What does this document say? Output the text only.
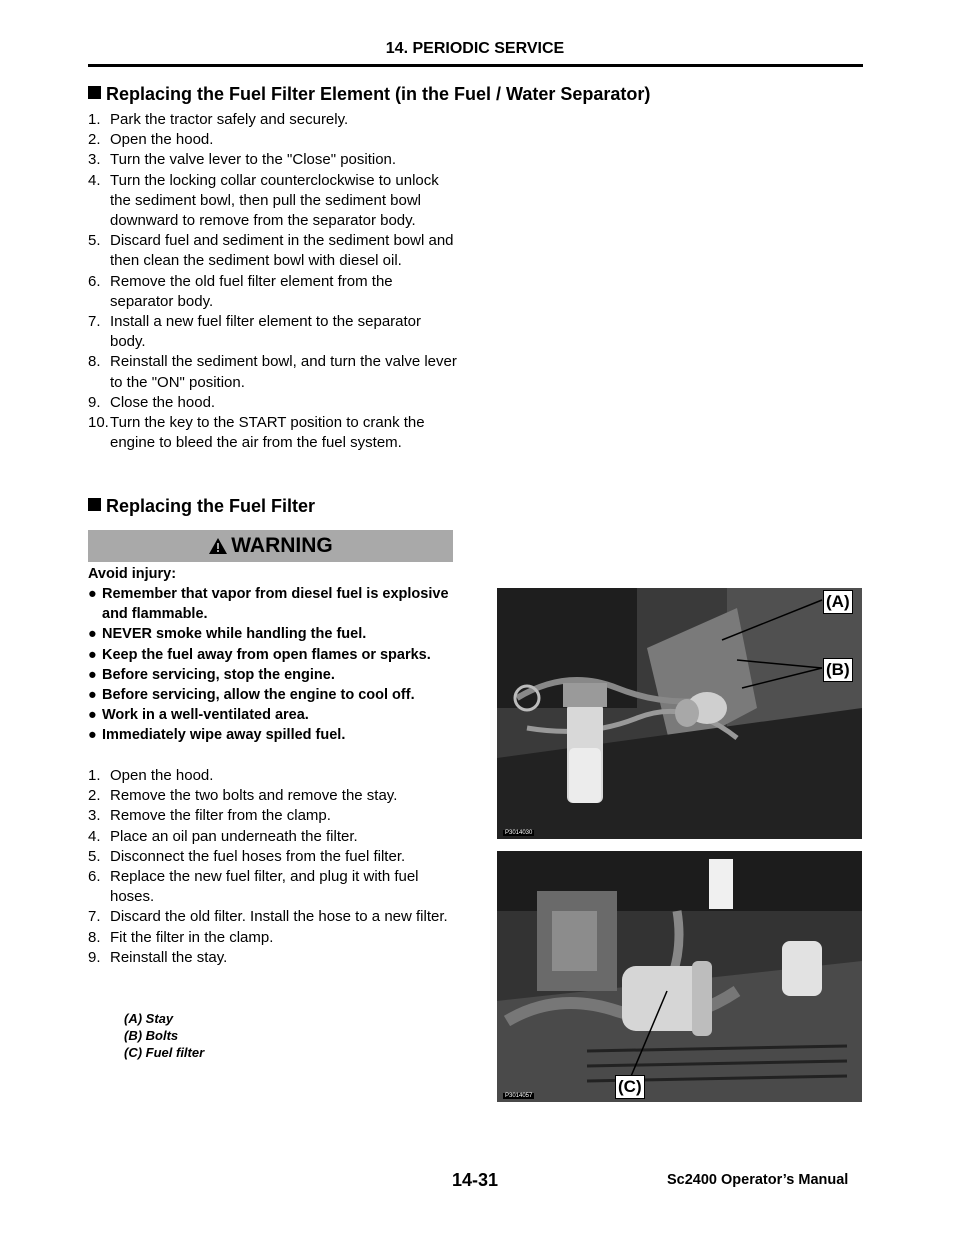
14. PERIODIC SERVICE
Replacing the Fuel Filter Element (in the Fuel / Water Separator)
1. Park the tractor safely and securely.
2. Open the hood.
3. Turn the valve lever to the "Close" position.
4. Turn the locking collar counterclockwise to unlock the sediment bowl, then pull the sediment bowl downward to remove from the separator body.
5. Discard fuel and sediment in the sediment bowl and then clean the sediment bowl with diesel oil.
6. Remove the old fuel filter element from the separator body.
7. Install a new fuel filter element to the separator body.
8. Reinstall the sediment bowl, and turn the valve lever to the "ON" position.
9. Close the hood.
10. Turn the key to the START position to crank the engine to bleed the air from the fuel system.
Replacing the Fuel Filter
WARNING
Avoid injury:
● Remember that vapor from diesel fuel is explosive and flammable.
● NEVER smoke while handling the fuel.
● Keep the fuel away from open flames or sparks.
● Before servicing, stop the engine.
● Before servicing, allow the engine to cool off.
● Work in a well-ventilated area.
● Immediately wipe away spilled fuel.
1. Open the hood.
2. Remove the two bolts and remove the stay.
3. Remove the filter from the clamp.
4. Place an oil pan underneath the filter.
5. Disconnect the fuel hoses from the fuel filter.
6. Replace the new fuel filter, and plug it with fuel hoses.
7. Discard the old filter. Install the hose to a new filter.
8. Fit the filter in the clamp.
9. Reinstall the stay.
(A) Stay
(B) Bolts
(C) Fuel filter
(A)
(B)
P3014030
(C)
P3014057
14-31	Sc2400 Operator’s Manual
